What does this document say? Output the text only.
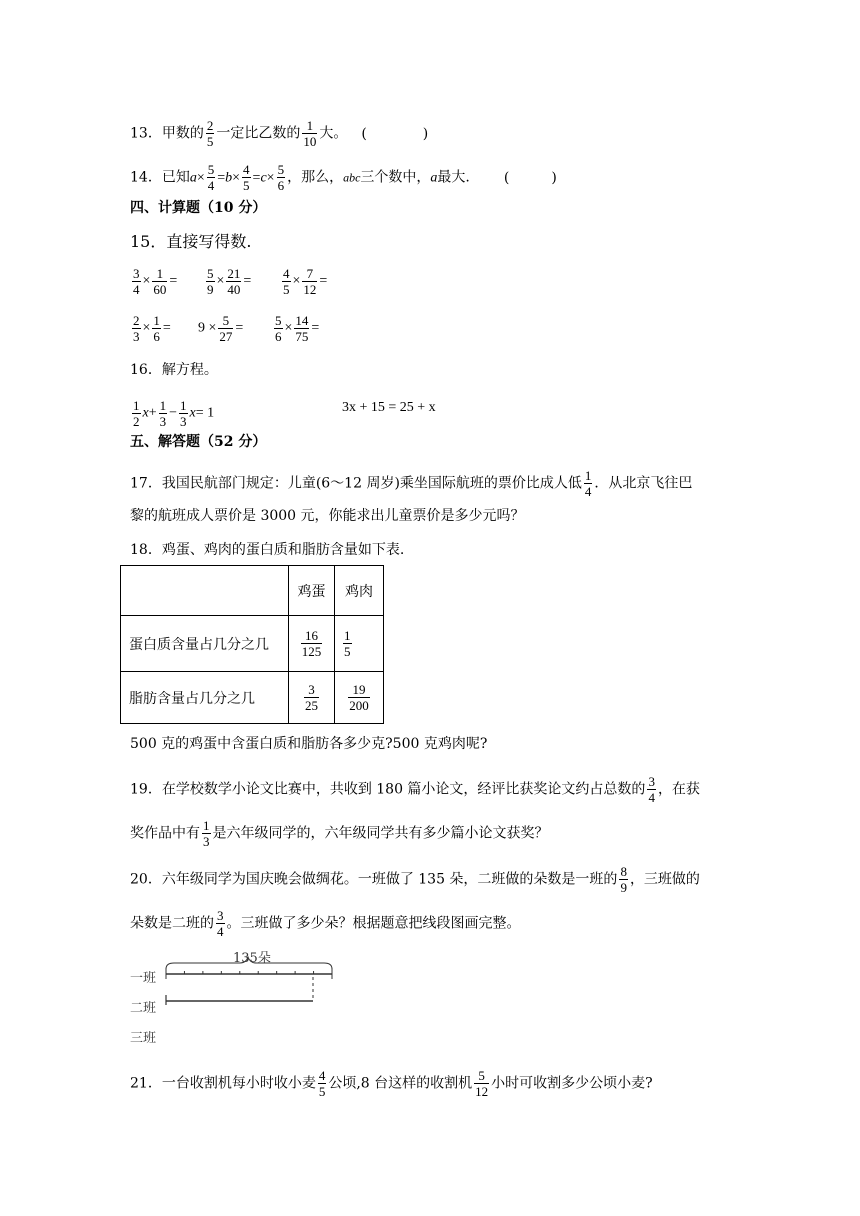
13．甲数的 $\frac{2}{5}$ 一定比乙数的 $\frac{1}{10}$ 大。 (　　　　)
14．已知$a\times \frac{5}{4} =b\times \frac{4}{5} =c\times \frac{5}{6}$ ，那么，abc三个数中，a最大. (　　　)
四、计算题（10 分）
15．直接写得数.
$\frac{3}{4} \times \frac{1}{60} = \frac{5}{9} \times \frac{21}{40} = \frac{4}{5} \times \frac{7}{12}$ =
$\frac{2}{3} \times \frac{1}{6} = 9 \times \frac{5}{27} = \frac{5}{6} \times \frac{14}{75}$ =
16．解方程。
$\frac{1}{2} x+ \frac{1}{3} - \frac{1}{3} x= 1$	3x + 15 = 25 + x
五、解答题（52 分）
17．我国民航部门规定：儿童(6～12 周岁)乘坐国际航班的票价比成人低 $\frac{1}{4}$ ．从北京飞往巴
黎的航班成人票价是 3000 元，你能求出儿童票价是多少元吗？
18．鸡蛋、鸡肉的蛋白质和脂肪含量如下表.
	鸡蛋	鸡肉
蛋白质含量占几分之几	$\frac{16}{125}$	$\frac{1}{5}$

脂肪含量占几分之几	$\frac{3}{25}$	$\frac{19}{200}$
500 克的鸡蛋中含蛋白质和脂肪各多少克?500 克鸡肉呢?
19．在学校数学小论文比赛中，共收到 180 篇小论文，经评比获奖论文约占总数的 $\frac{3}{4}$ ，在获
奖作品中有 $\frac{1}{3}$ 是六年级同学的，六年级同学共有多少篇小论文获奖？
20．六年级同学为国庆晚会做绸花。一班做了 135 朵，二班做的朵数是一班的 $\frac{8}{9}$ ，三班做的
朵数是二班的 $\frac{3}{4}$ 。三班做了多少朵？根据题意把线段图画完整。
135朵
一班
二班
三班
21．一台收割机每小时收小麦 $\frac{4}{5}$ 公顷,8 台这样的收割机 $\frac{5}{12}$ 小时可收割多少公顷小麦?
